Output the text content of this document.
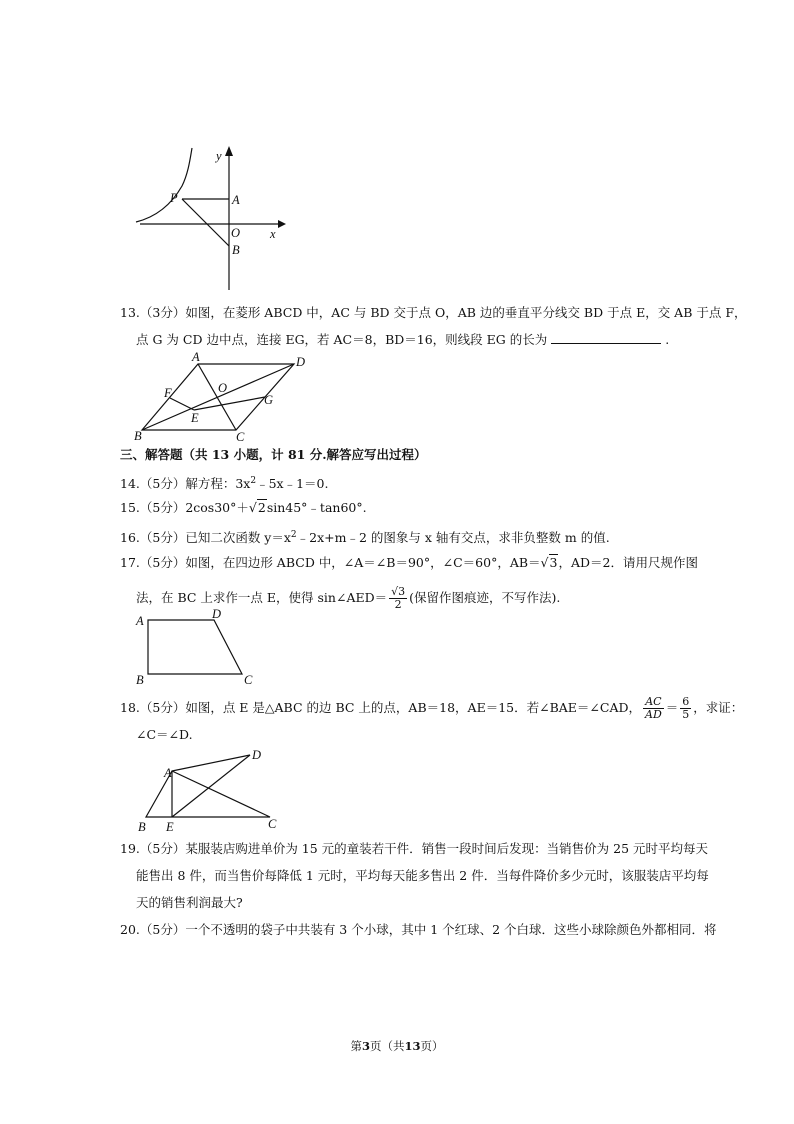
y
x
P	A
O
B
13.（3分）如图，在菱形 ABCD 中，AC 与 BD 交于点 O，AB 边的垂直平分线交 BD 于点 E，交 AB 于点 F，
点 G 为 CD 边中点，连接 EG，若 AC＝8，BD＝16，则线段 EG 的长为	.
A	D
O
F
E
G
B	C
三、解答题（共 13 小题，计 81 分.解答应写出过程）
14.（5分）解方程：$3x^2﹣5x﹣1=0$.
15.（5分）2cos30°＋√2sin45°﹣tan60°.
16.（5分）已知二次函数 $y=x^2﹣2x+m﹣2$ 的图象与 x 轴有交点，求非负整数 m 的值.
17.（5分）如图，在四边形 ABCD 中，∠A＝∠B＝90°，∠C＝60°，AB＝√3，AD＝2．请用尺规作图
法，在 BC 上求作一点 E，使得 sin∠AED＝ $\frac{√3}{2}$ (保留作图痕迹，不写作法).
A	D
B	C
18.（5分）如图，点 E 是△ABC 的边 BC 上的点，AB＝18，AE＝15．若∠BAE＝∠CAD， $\frac{AC}{AD} = \frac{6}{5}$ ，求证：
∠C＝∠D.
A
D
B E	C
19.（5分）某服装店购进单价为 15 元的童装若干件．销售一段时间后发现：当销售价为 25 元时平均每天
能售出 8 件，而当售价每降低 1 元时，平均每天能多售出 2 件．当每件降价多少元时，该服装店平均每
天的销售利润最大?
20.（5分）一个不透明的袋子中共装有 3 个小球，其中 1 个红球、2 个白球．这些小球除颜色外都相同．将
第3页（共13页）
